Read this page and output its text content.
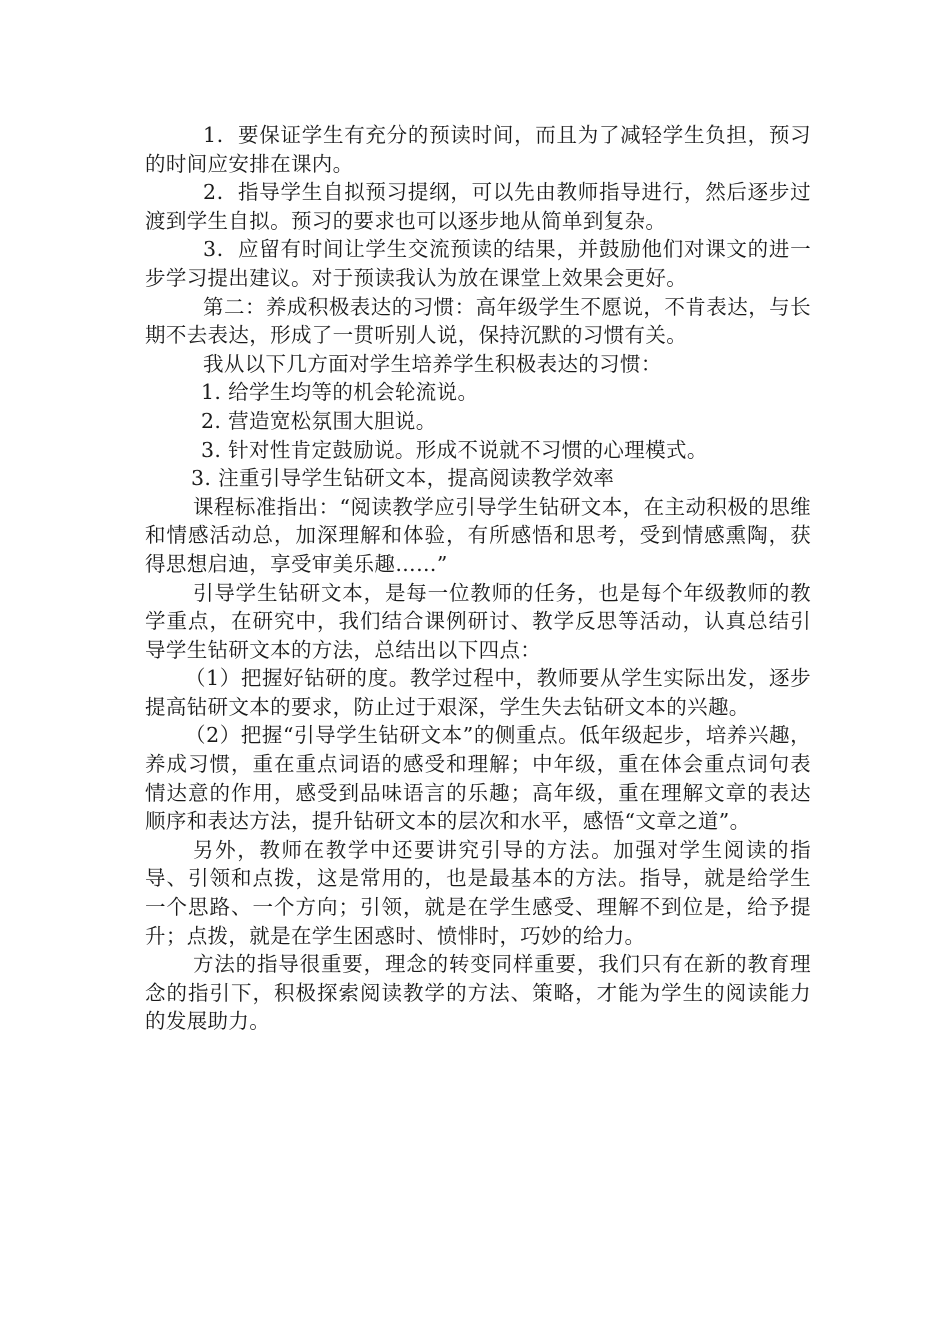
1．要保证学生有充分的预读时间，而且为了减轻学生负担，预习的时间应安排在课内。

2．指导学生自拟预习提纲，可以先由教师指导进行，然后逐步过渡到学生自拟。预习的要求也可以逐步地从简单到复杂。

3．应留有时间让学生交流预读的结果，并鼓励他们对课文的进一步学习提出建议。对于预读我认为放在课堂上效果会更好。

第二：养成积极表达的习惯：高年级学生不愿说，不肯表达，与长期不去表达，形成了一贯听别人说，保持沉默的习惯有关。

我从以下几方面对学生培养学生积极表达的习惯：

1. 给学生均等的机会轮流说。

2. 营造宽松氛围大胆说。

3. 针对性肯定鼓励说。形成不说就不习惯的心理模式。

3. 注重引导学生钻研文本，提高阅读教学效率

课程标准指出：“阅读教学应引导学生钻研文本，在主动积极的思维和情感活动总，加深理解和体验，有所感悟和思考，受到情感熏陶，获得思想启迪，享受审美乐趣……”

引导学生钻研文本，是每一位教师的任务，也是每个年级教师的教学重点，在研究中，我们结合课例研讨、教学反思等活动，认真总结引导学生钻研文本的方法，总结出以下四点：

（1）把握好钻研的度。教学过程中，教师要从学生实际出发，逐步提高钻研文本的要求，防止过于艰深，学生失去钻研文本的兴趣。

（2）把握“引导学生钻研文本”的侧重点。低年级起步，培养兴趣，养成习惯，重在重点词语的感受和理解；中年级，重在体会重点词句表情达意的作用，感受到品味语言的乐趣；高年级，重在理解文章的表达顺序和表达方法，提升钻研文本的层次和水平，感悟“文章之道”。

另外，教师在教学中还要讲究引导的方法。加强对学生阅读的指导、引领和点拨，这是常用的，也是最基本的方法。指导，就是给学生一个思路、一个方向；引领，就是在学生感受、理解不到位是，给予提升；点拨，就是在学生困惑时、愤悱时，巧妙的给力。

方法的指导很重要，理念的转变同样重要，我们只有在新的教育理念的指引下，积极探索阅读教学的方法、策略，才能为学生的阅读能力的发展助力。
